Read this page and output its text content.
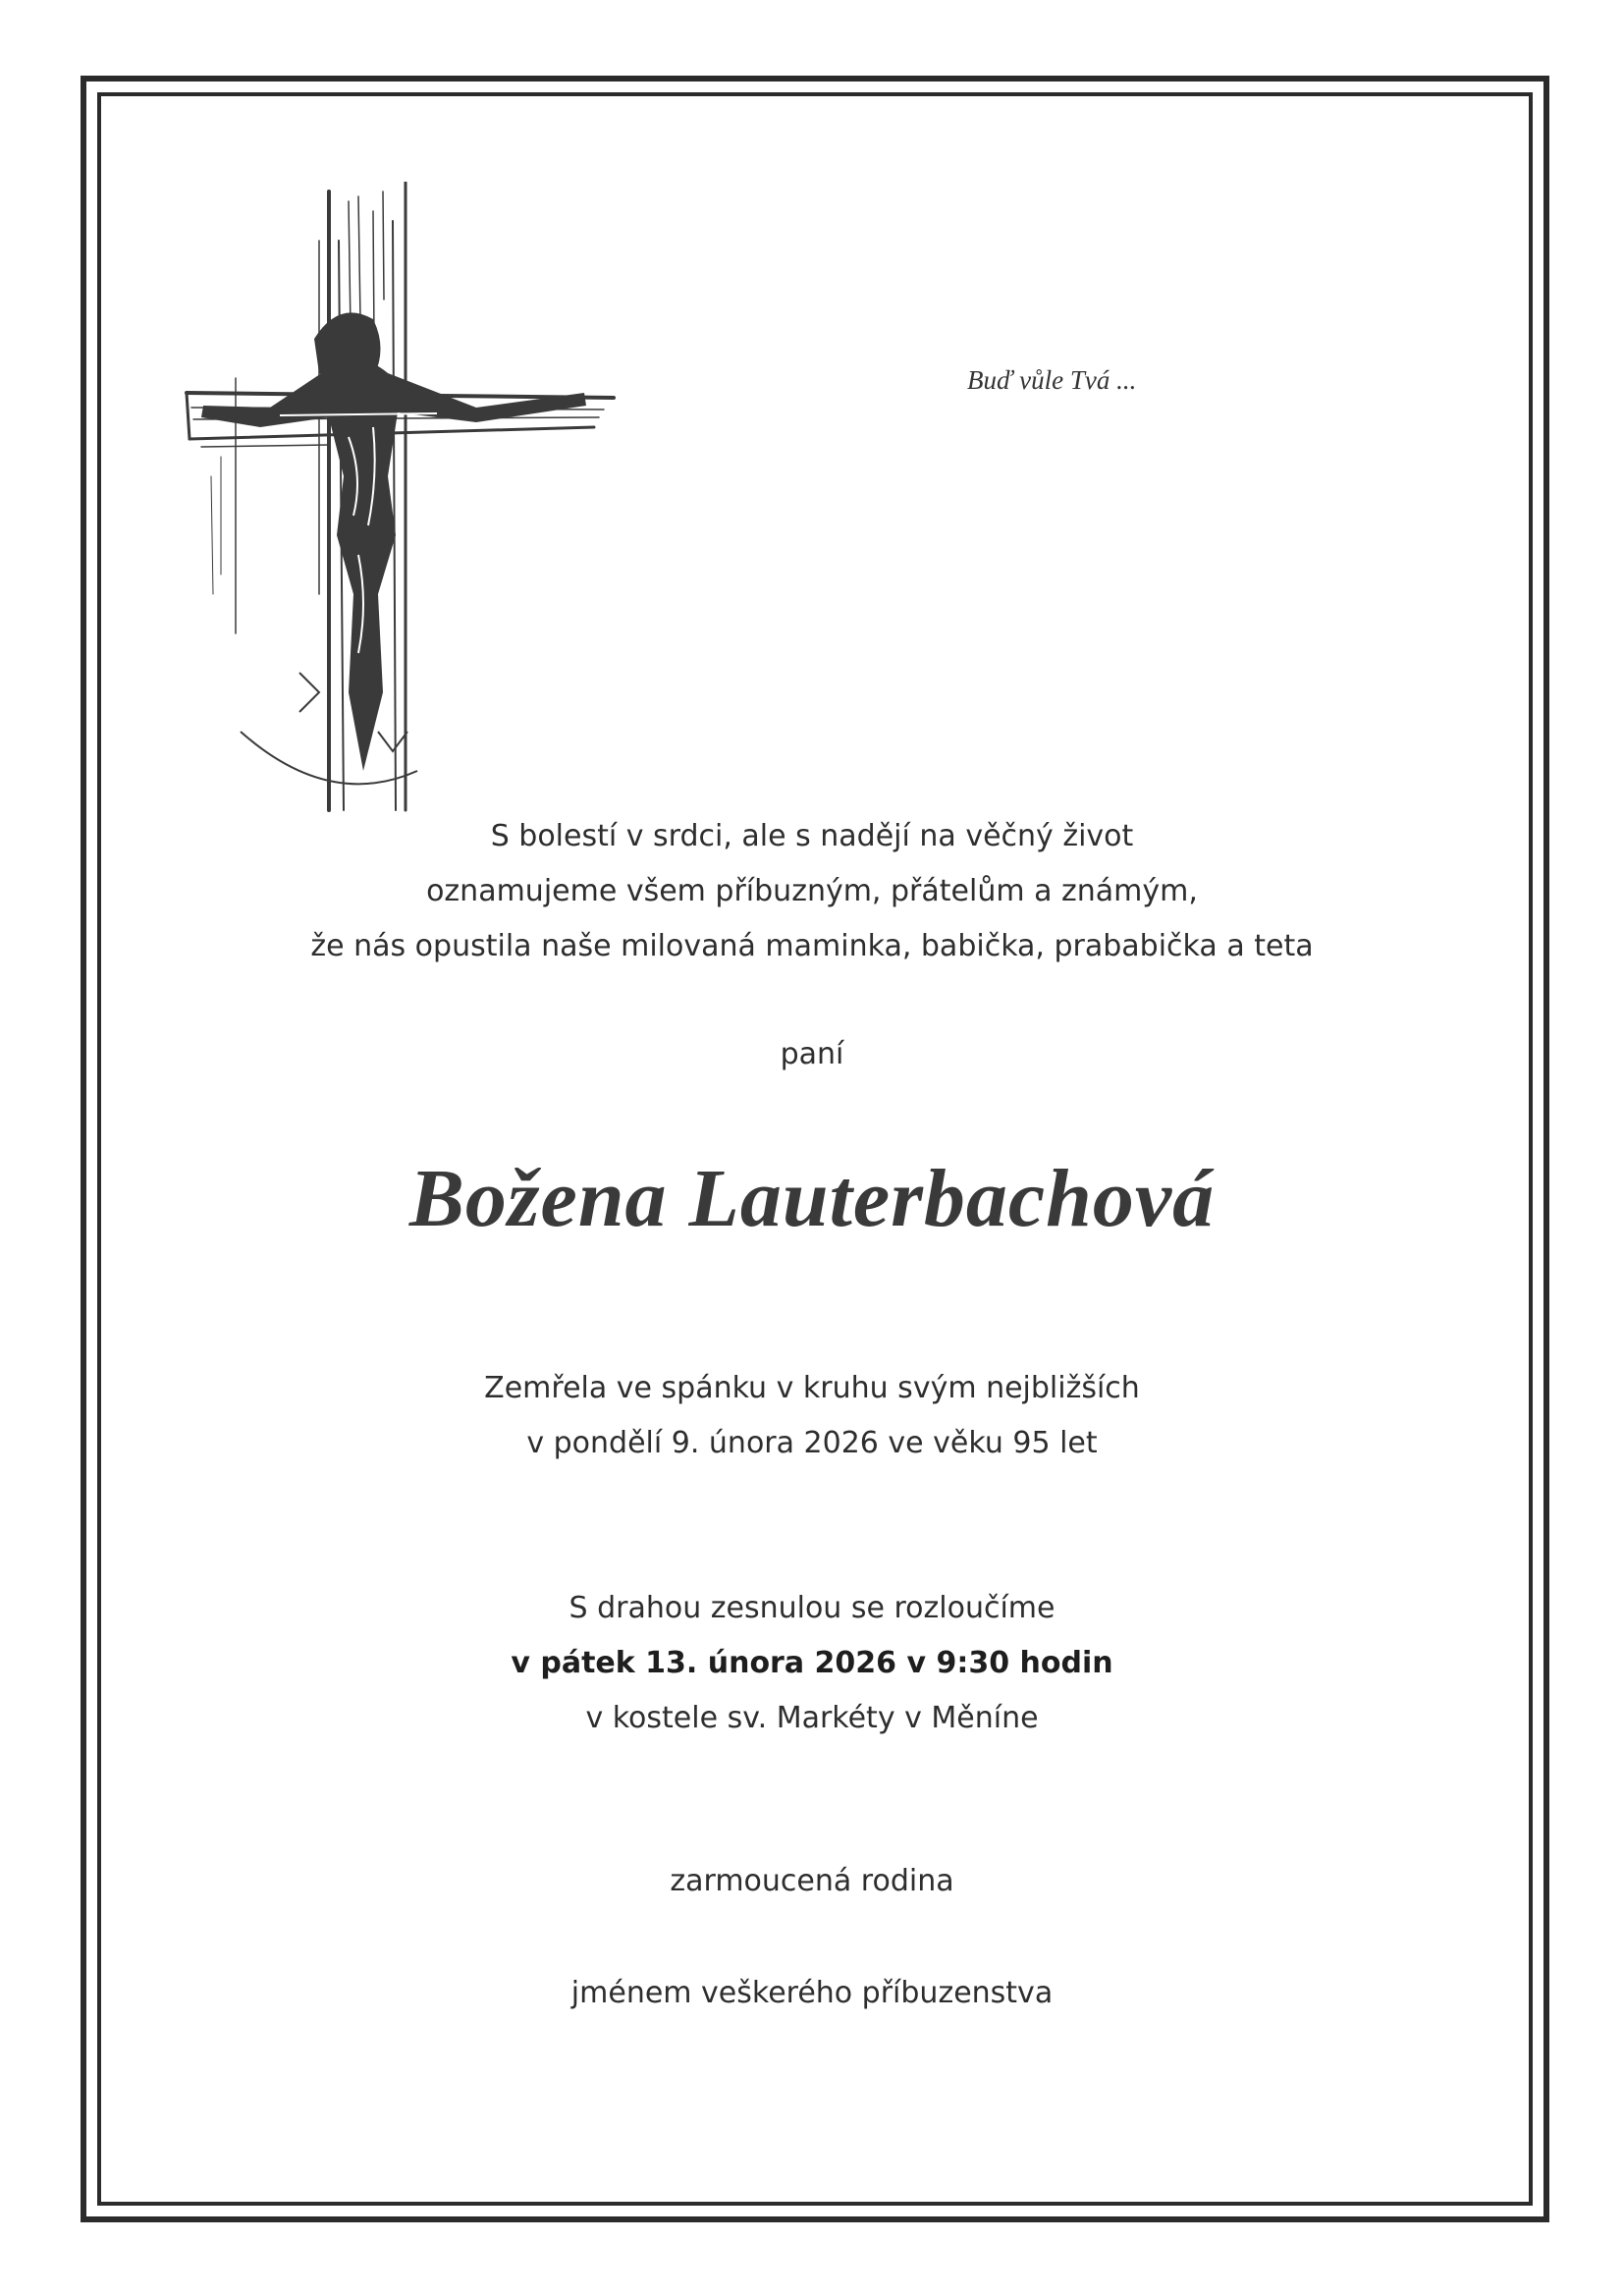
Buď vůle Tvá ...
S bolestí v srdci, ale s nadějí na věčný život
oznamujeme všem příbuzným, přátelům a známým,
že nás opustila naše milovaná maminka, babička, prababička a teta
paní
Božena Lauterbachová
Zemřela ve spánku v kruhu svým nejbližších
v pondělí 9. února 2026 ve věku 95 let
S drahou zesnulou se rozloučíme
v pátek 13. února 2026 v 9:30 hodin
v kostele sv. Markéty v Měníne
zarmoucená rodina
jménem veškerého příbuzenstva
